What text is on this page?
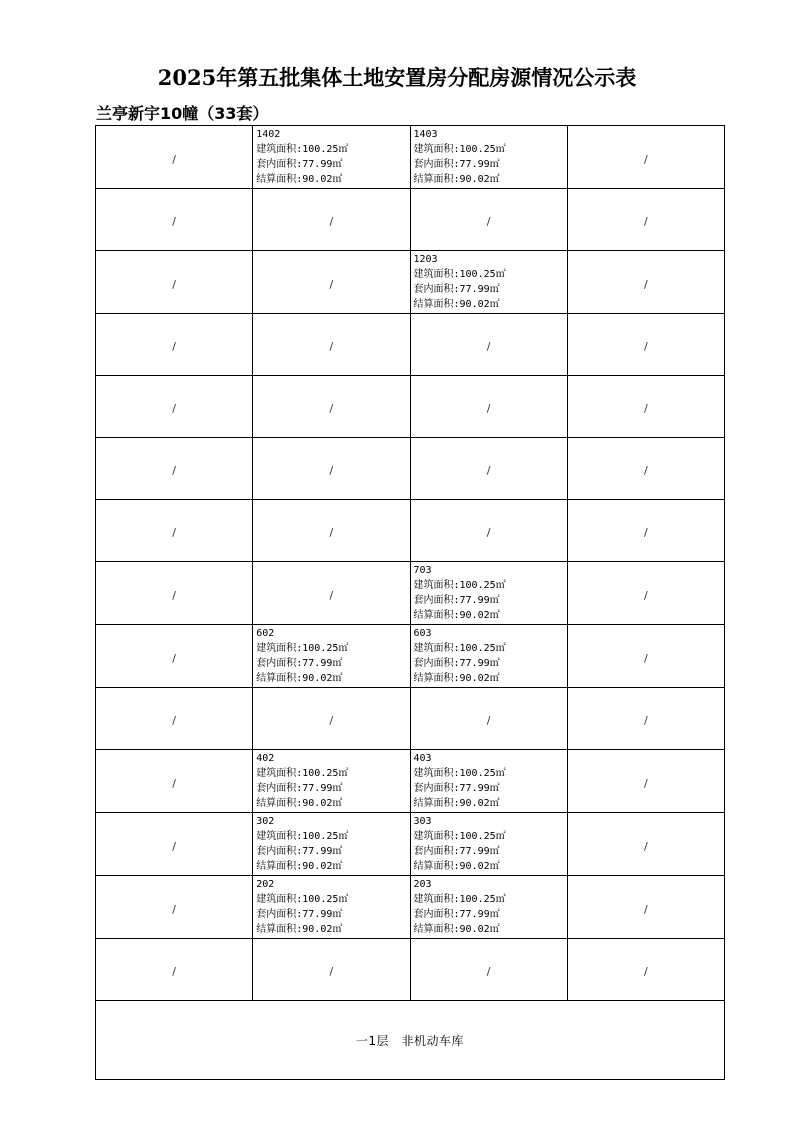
2025年第五批集体土地安置房分配房源情况公示表
兰亭新宇10幢（33套）
/	1402
建筑面积:100.25㎡
套内面积:77.99㎡
结算面积:90.02㎡	1403
建筑面积:100.25㎡
套内面积:77.99㎡
结算面积:90.02㎡	/
/	/	/	/
/	/	1203
建筑面积:100.25㎡
套内面积:77.99㎡
结算面积:90.02㎡	/
/	/	/	/
/	/	/	/
/	/	/	/
/	/	/	/
/	/	703
建筑面积:100.25㎡
套内面积:77.99㎡
结算面积:90.02㎡	/
/	602
建筑面积:100.25㎡
套内面积:77.99㎡
结算面积:90.02㎡	603
建筑面积:100.25㎡
套内面积:77.99㎡
结算面积:90.02㎡	/
/	/	/	/
/	402
建筑面积:100.25㎡
套内面积:77.99㎡
结算面积:90.02㎡	403
建筑面积:100.25㎡
套内面积:77.99㎡
结算面积:90.02㎡	/
/	302
建筑面积:100.25㎡
套内面积:77.99㎡
结算面积:90.02㎡	303
建筑面积:100.25㎡
套内面积:77.99㎡
结算面积:90.02㎡	/
/	202
建筑面积:100.25㎡
套内面积:77.99㎡
结算面积:90.02㎡	203
建筑面积:100.25㎡
套内面积:77.99㎡
结算面积:90.02㎡	/
/	/	/	/
一1层　非机动车库			
